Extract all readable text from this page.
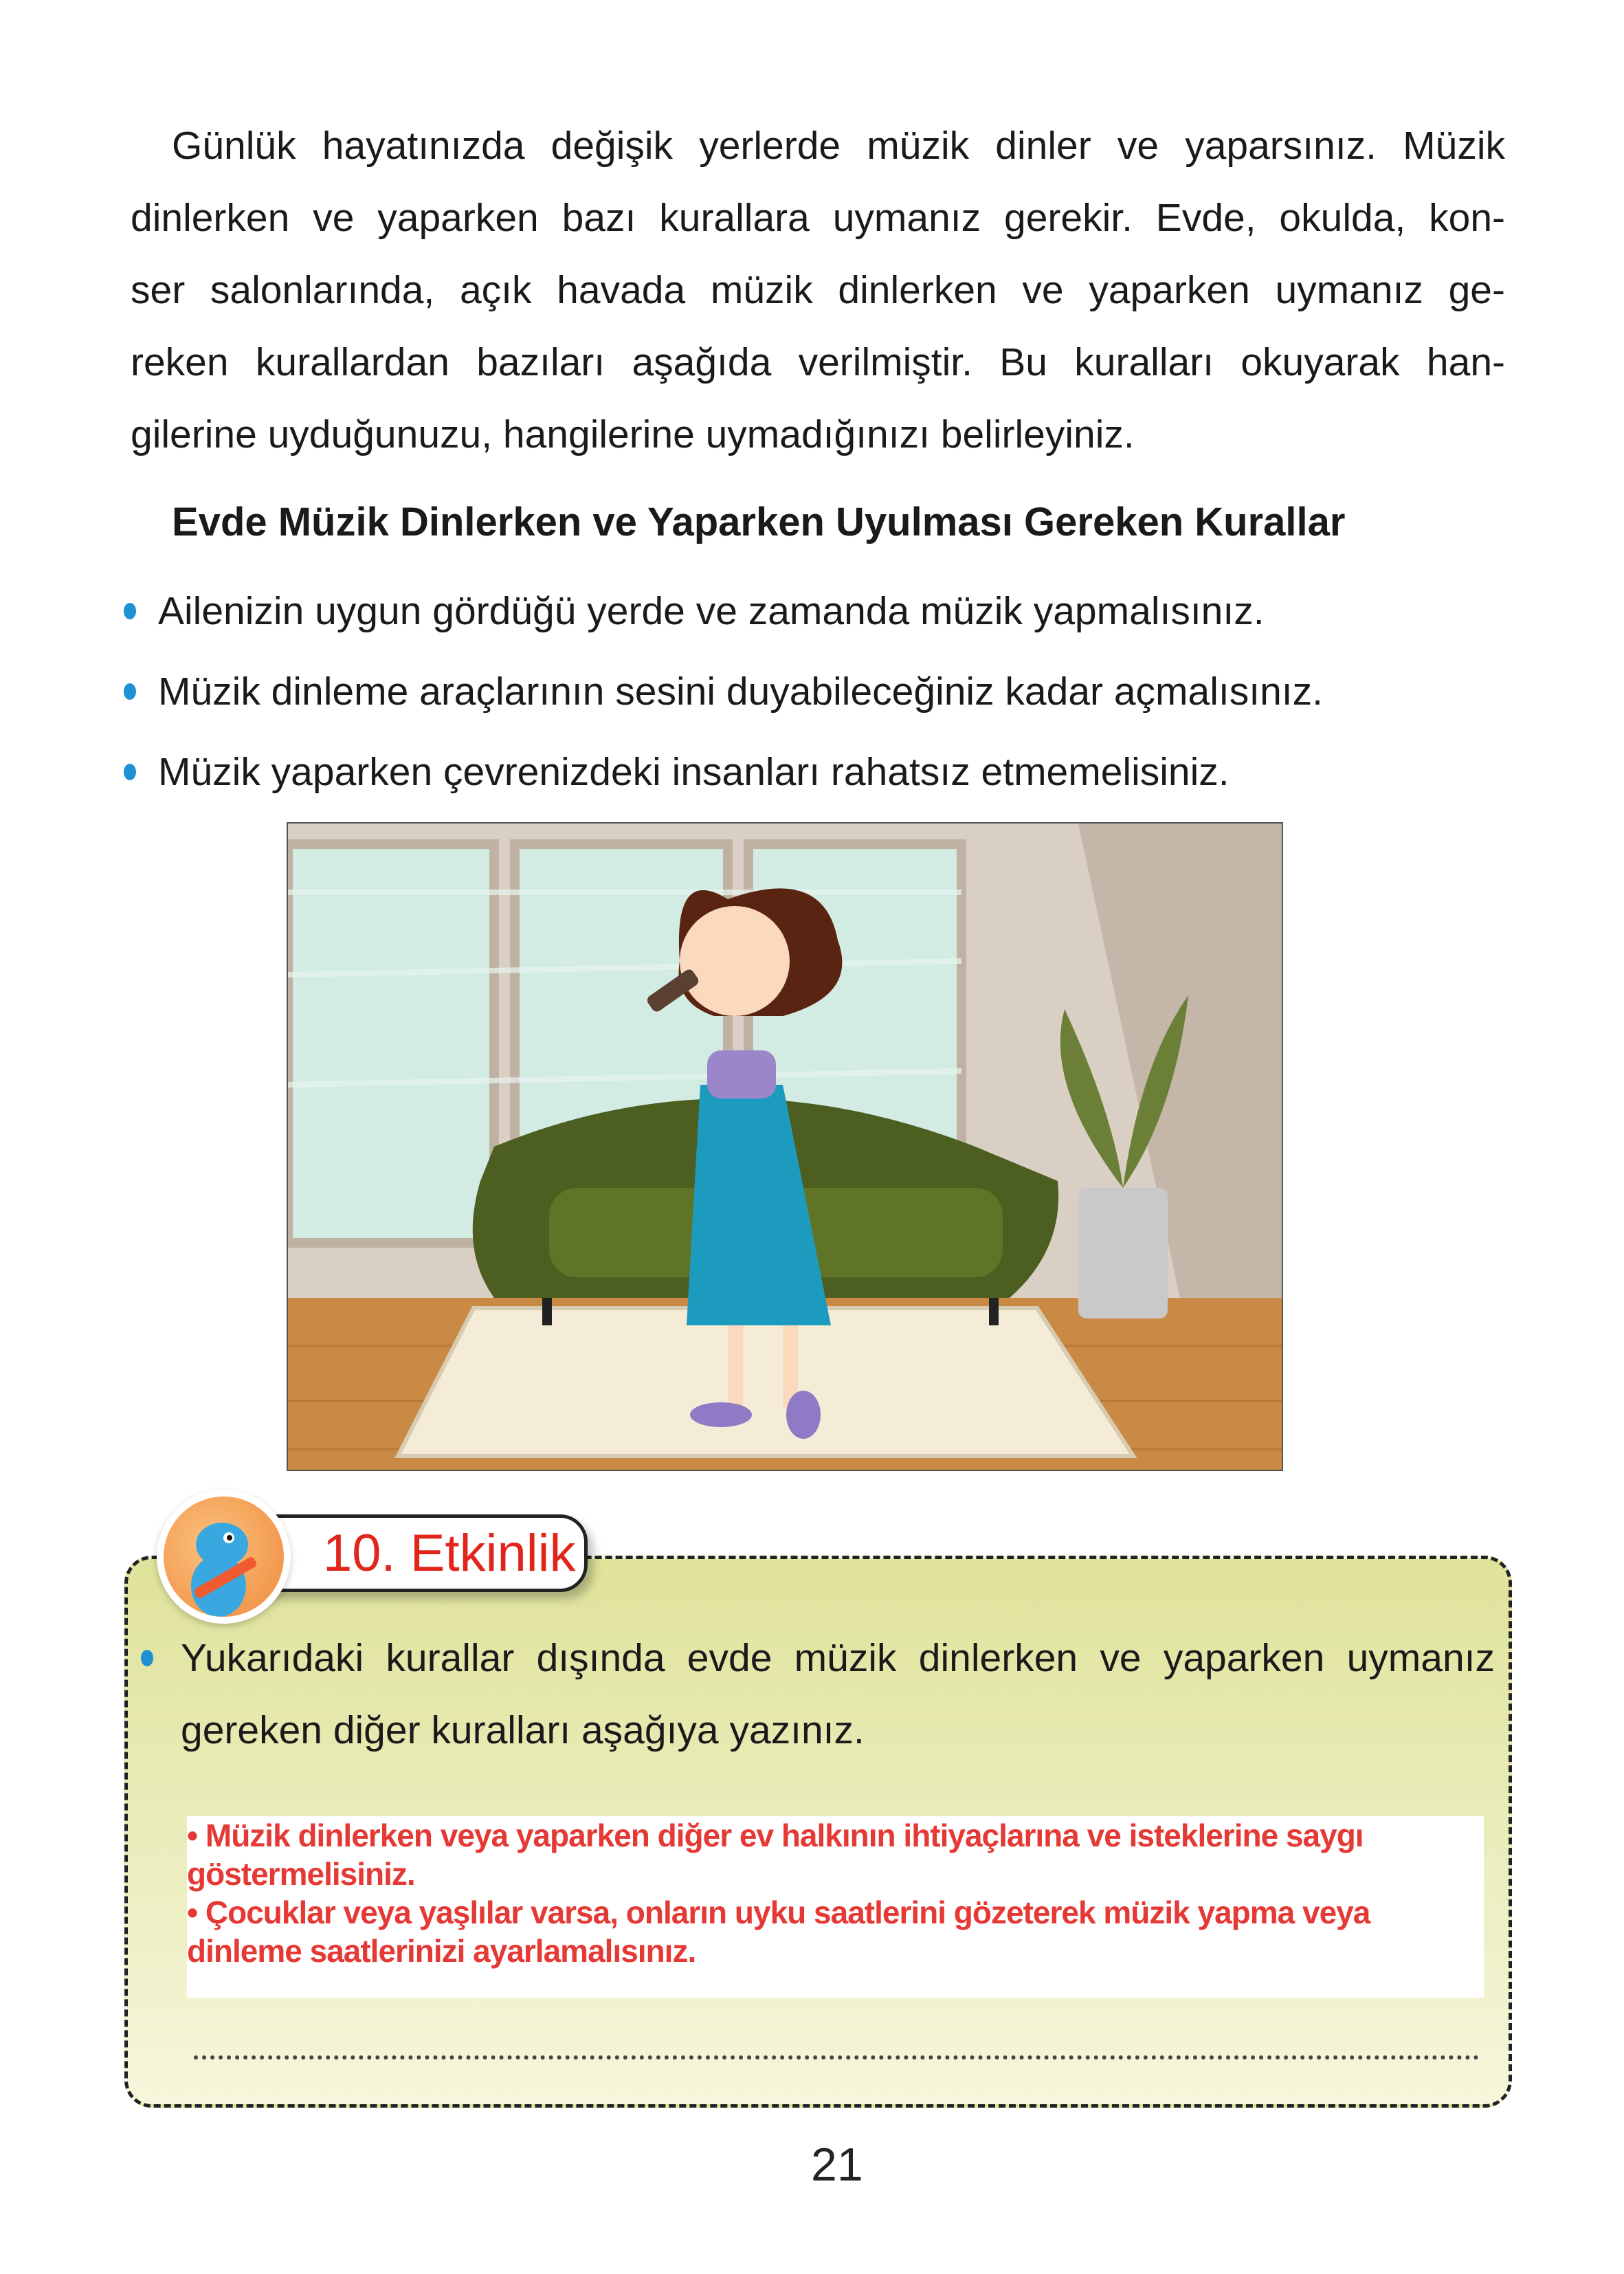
Günlük hayatınızda değişik yerlerde müzik dinler ve yaparsınız. Müzik
dinlerken ve yaparken bazı kurallara uymanız gerekir. Evde, okulda, kon-
ser salonlarında, açık havada müzik dinlerken ve yaparken uymanız ge-
reken kurallardan bazıları aşağıda verilmiştir. Bu kuralları okuyarak han-
gilerine uyduğunuzu, hangilerine uymadığınızı belirleyiniz.
Evde Müzik Dinlerken ve Yaparken Uyulması Gereken Kurallar
Ailenizin uygun gördüğü yerde ve zamanda müzik yapmalısınız.
Müzik dinleme araçlarının sesini duyabileceğiniz kadar açmalısınız.
Müzik yaparken çevrenizdeki insanları rahatsız etmemelisiniz.
10. Etkinlik
Yukarıdaki kurallar dışında evde müzik dinlerken ve yaparken uymanız
gereken diğer kuralları aşağıya yazınız.

• Müzik dinlerken veya yaparken diğer ev halkının ihtiyaçlarına ve isteklerine saygı göstermelisiniz.

• Çocuklar veya yaşlılar varsa, onların uyku saatlerini gözeterek müzik yapma veya dinleme saatlerinizi ayarlamalısınız.

21
